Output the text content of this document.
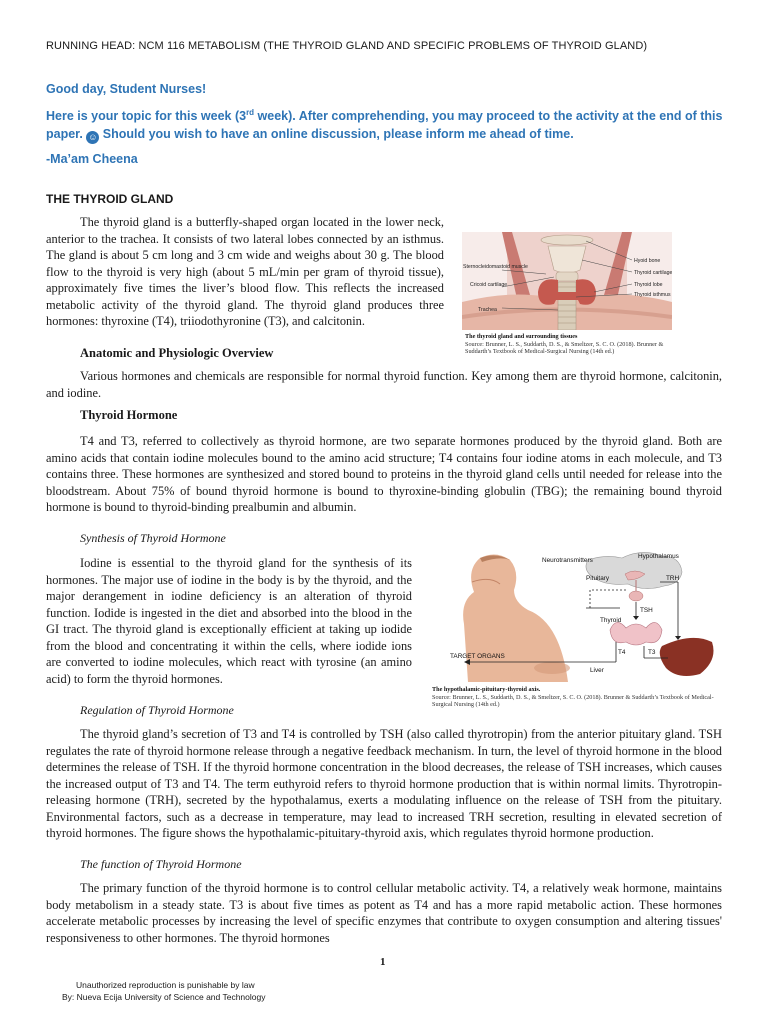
RUNNING HEAD: NCM 116 METABOLISM (THE THYROID GLAND AND SPECIFIC PROBLEMS OF THYROID GLAND)

Good day, Student Nurses!

Here is your topic for this week (3rd week). After comprehending, you may proceed to the activity at the end of this paper. ☺ Should you wish to have an online discussion, please inform me ahead of time.

-Ma’am Cheena

THE THYROID GLAND

The thyroid gland is a butterfly-shaped organ located in the lower neck, anterior to the trachea. It consists of two lateral lobes connected by an isthmus. The gland is about 5 cm long and 3 cm wide and weighs about 30 g. The blood flow to the thyroid is very high (about 5 mL/min per gram of thyroid tissue), approximately five times the liver’s blood flow. This reflects the increased metabolic activity of the thyroid gland. The thyroid gland produces three hormones: thyroxine (T4), triiodothyronine (T3), and calcitonin.

Sternocleidomastoid muscle
Cricoid cartilage
Trachea
Hyoid bone
Thyroid cartilage
Thyroid lobe
Thyroid isthmus
The thyroid gland and surrounding tissues
Source: Brunner, L. S., Suddarth, D. S., & Smeltzer, S. C. O. (2018). Brunner & Suddarth’s Textbook of Medical-Surgical Nursing (14th ed.)
Anatomic and Physiologic Overview

Various hormones and chemicals are responsible for normal thyroid function. Key among them are thyroid hormone, calcitonin, and iodine.

Thyroid Hormone

T4 and T3, referred to collectively as thyroid hormone, are two separate hormones produced by the thyroid gland. Both are amino acids that contain iodine molecules bound to the amino acid structure; T4 contains four iodine atoms in each molecule, and T3 contains three. These hormones are synthesized and stored bound to proteins in the thyroid gland cells until needed for release into the bloodstream. About 75% of bound thyroid hormone is bound to thyroxine-binding globulin (TBG); the remaining bound thyroid hormone is bound to thyroid-binding prealbumin and albumin.

Synthesis of Thyroid Hormone

Iodine is essential to the thyroid gland for the synthesis of its hormones. The major use of iodine in the body is by the thyroid, and the major derangement in iodine deficiency is an alteration of thyroid function. Iodide is ingested in the diet and absorbed into the blood in the GI tract. The thyroid gland is exceptionally efficient at taking up iodide from the blood and concentrating it within the cells, where iodide ions are converted to iodine molecules, which react with tyrosine (an amino acid) to form the thyroid hormones.

Neurotransmitters
Hypothalamus
TRH
Pituitary
TSH
Thyroid
T4	T3
Liver
TARGET ORGANS
The hypothalamic-pituitary-thyroid axis.
Source: Brunner, L. S., Suddarth, D. S., & Smeltzer, S. C. O. (2018). Brunner & Suddarth’s Textbook of Medical-Surgical Nursing (14th ed.)
Regulation of Thyroid Hormone

The thyroid gland’s secretion of T3 and T4 is controlled by TSH (also called thyrotropin) from the anterior pituitary gland. TSH regulates the rate of thyroid hormone release through a negative feedback mechanism. In turn, the level of thyroid hormone in the blood determines the release of TSH. If the thyroid hormone concentration in the blood decreases, the release of TSH increases, which causes the increased output of T3 and T4. The term euthyroid refers to thyroid hormone production that is within normal limits. Thyrotropin-releasing hormone (TRH), secreted by the hypothalamus, exerts a modulating influence on the release of TSH from the pituitary. Environmental factors, such as a decrease in temperature, may lead to increased TRH secretion, resulting in elevated secretion of thyroid hormones. The figure shows the hypothalamic-pituitary-thyroid axis, which regulates thyroid hormone production.

The function of Thyroid Hormone

The primary function of the thyroid hormone is to control cellular metabolic activity. T4, a relatively weak hormone, maintains body metabolism in a steady state. T3 is about five times as potent as T4 and has a more rapid metabolic action. These hormones accelerate metabolic processes by increasing the level of specific enzymes that contribute to oxygen consumption and altering tissues' responsiveness to other hormones. The thyroid hormones

1
Unauthorized reproduction is punishable by law
By: Nueva Ecija University of Science and Technology
